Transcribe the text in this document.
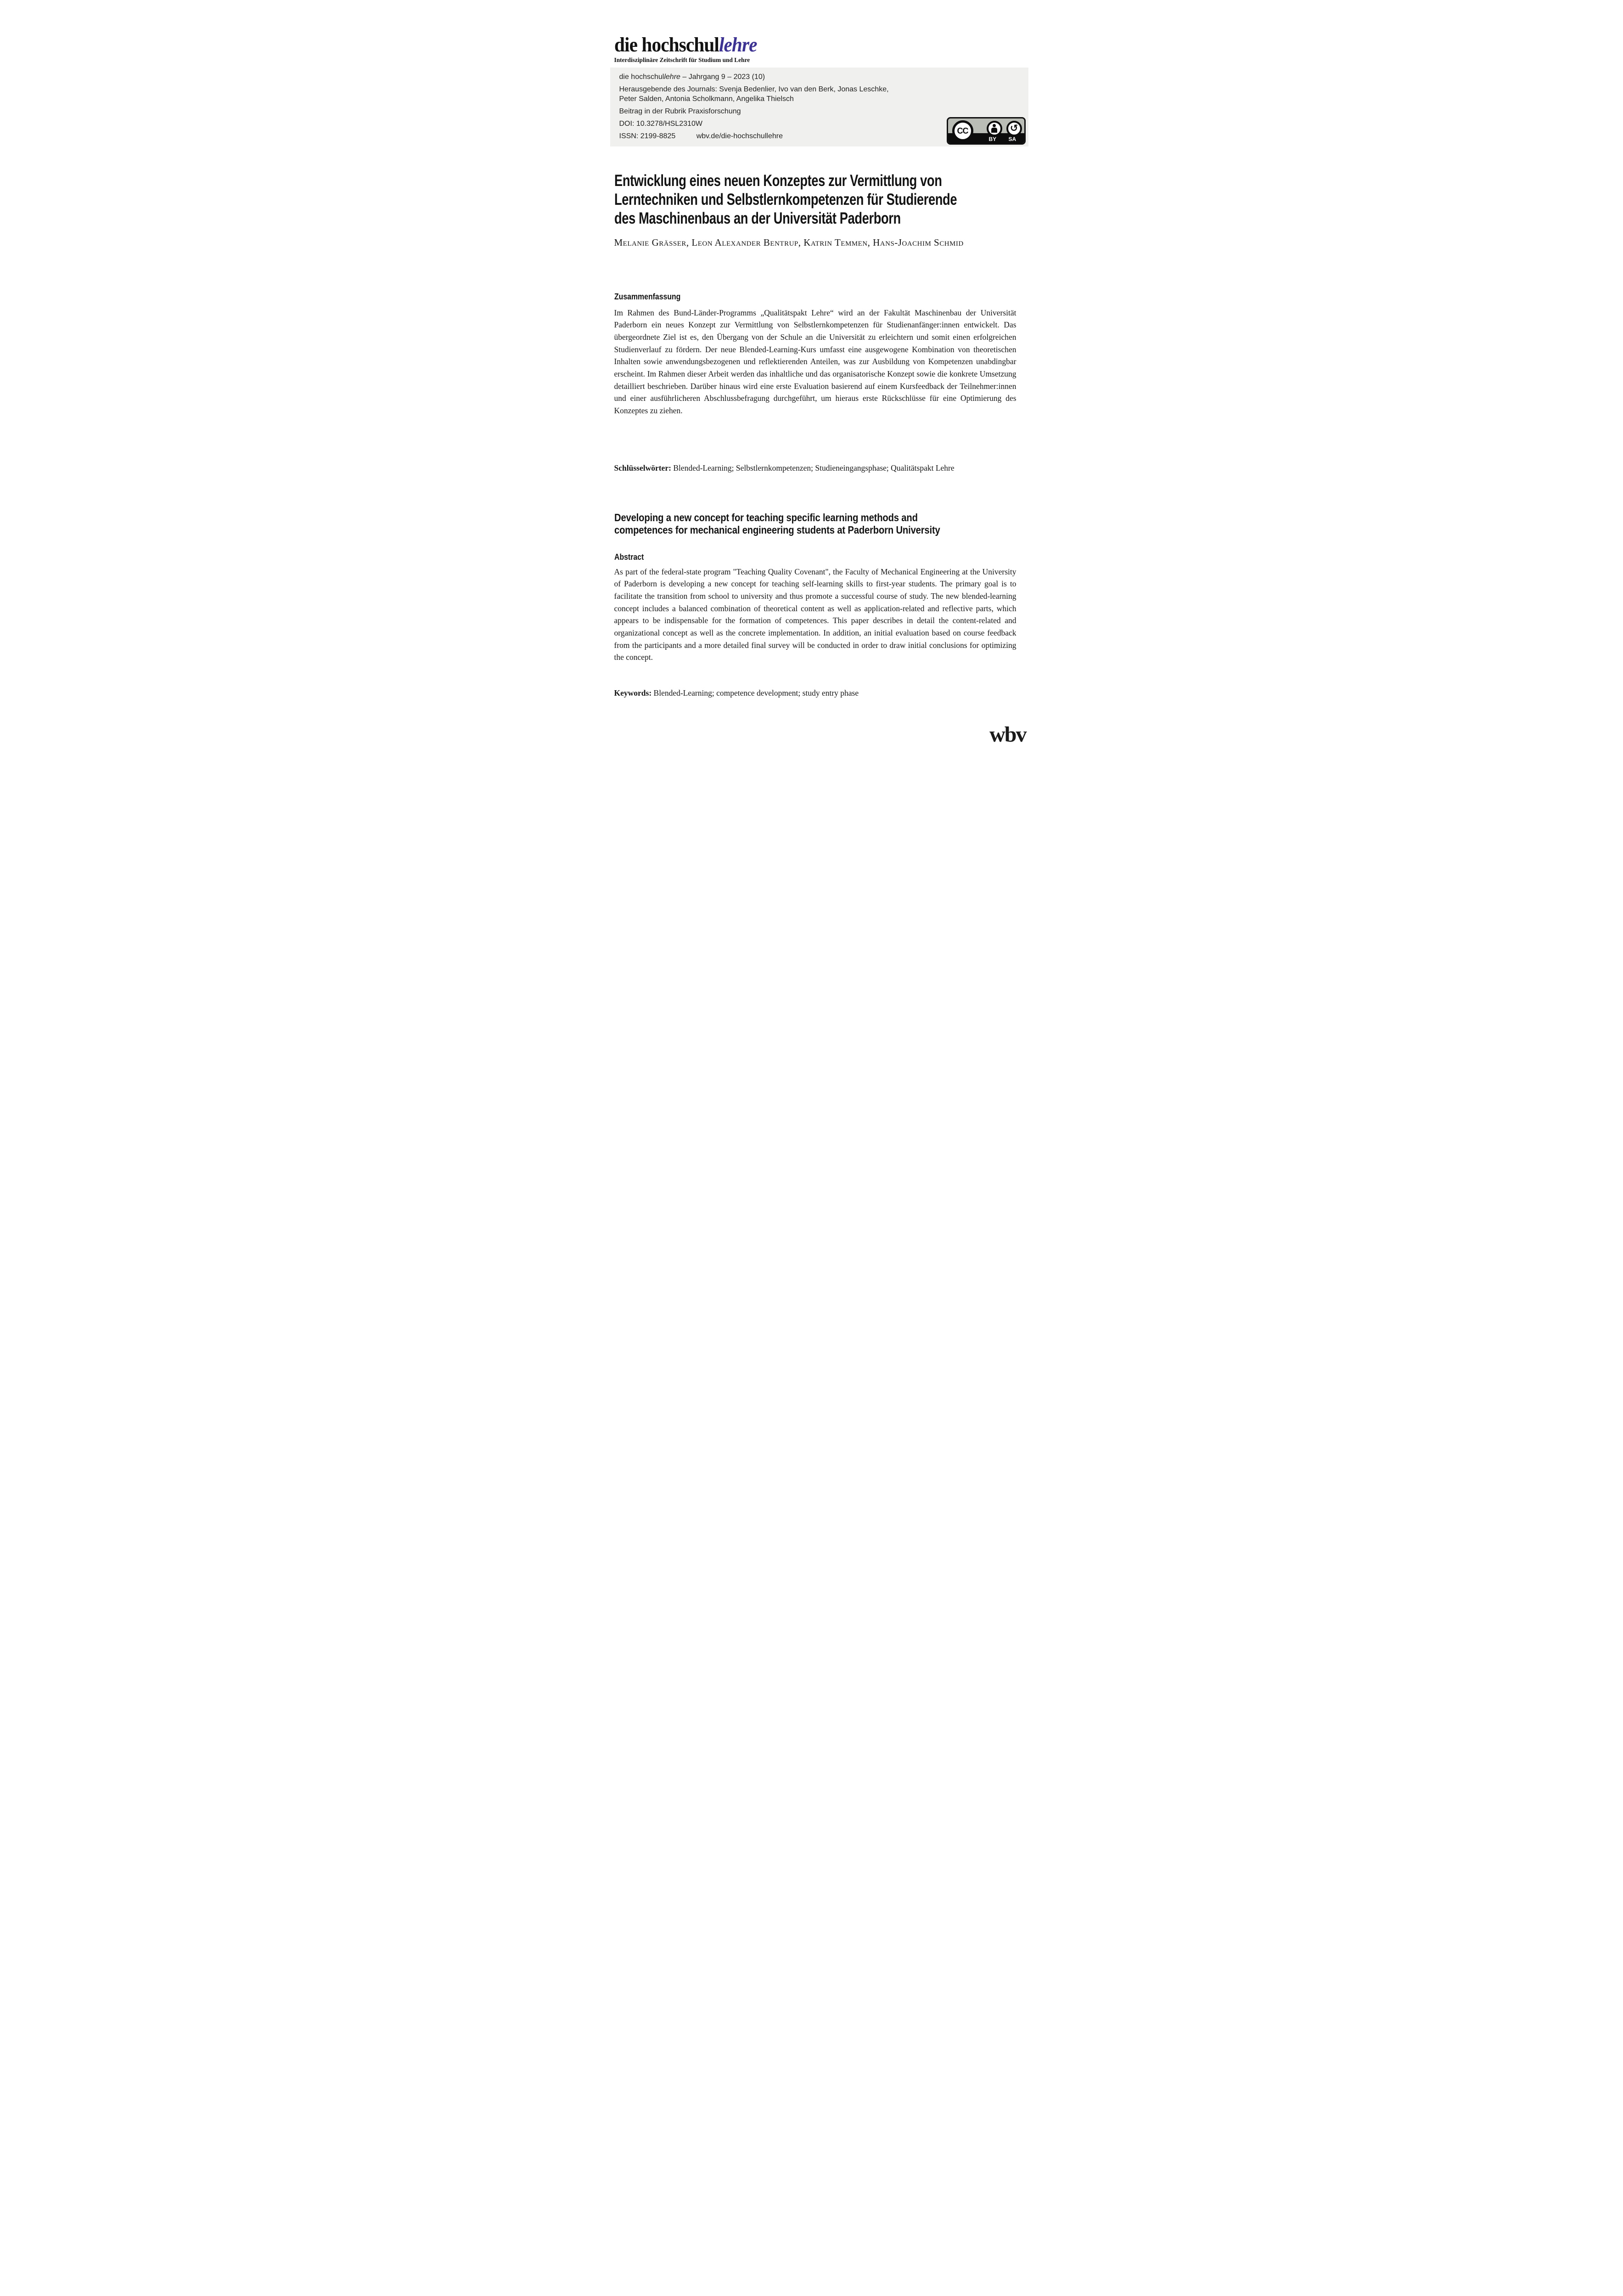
die hochschullehre
Interdisziplinäre Zeitschrift für Studium und Lehre
die hochschullehre – Jahrgang 9 – 2023 (10)
Herausgebende des Journals: Svenja Bedenlier, Ivo van den Berk, Jonas Leschke,
Peter Salden, Antonia Scholkmann, Angelika Thielsch
Beitrag in der Rubrik Praxisforschung
DOI: 10.3278/HSL2310W
ISSN: 2199-8825	wbv.de/die-hochschullehre
CC	↺
BY SA
Entwicklung eines neuen Konzeptes zur Vermittlung von
Lerntechniken und Selbstlernkompetenzen für Studierende
des Maschinenbaus an der Universität Paderborn
Melanie Grässer, Leon Alexander Bentrup, Katrin Temmen, Hans-Joachim Schmid
Zusammenfassung

Im Rahmen des Bund-Länder-Programms „Qualitätspakt Lehre“ wird an der Fakultät Maschinenbau der Universität Paderborn ein neues Konzept zur Vermittlung von Selbstlernkompetenzen für Studienanfänger:innen entwickelt. Das übergeordnete Ziel ist es, den Übergang von der Schule an die Universität zu erleichtern und somit einen erfolgreichen Studienverlauf zu fördern. Der neue Blended-Learning-Kurs umfasst eine ausgewogene Kombination von theoretischen Inhalten sowie anwendungsbezogenen und reflektierenden Anteilen, was zur Ausbildung von Kompetenzen unabdingbar erscheint. Im Rahmen dieser Arbeit werden das inhaltliche und das organisatorische Konzept sowie die konkrete Umsetzung detailliert beschrieben. Darüber hinaus wird eine erste Evaluation basierend auf einem Kursfeedback der Teilnehmer:innen und einer ausführlicheren Abschlussbefragung durchgeführt, um hieraus erste Rückschlüsse für eine Optimierung des Konzeptes zu ziehen.

Schlüsselwörter: Blended-Learning; Selbstlernkompetenzen; Studieneingangsphase; Qualitätspakt Lehre

Developing a new concept for teaching specific learning methods and
competences for mechanical engineering students at Paderborn University
Abstract

As part of the federal-state program "Teaching Quality Covenant", the Faculty of Mechanical Engineering at the University of Paderborn is developing a new concept for teaching self-learning skills to first-year students. The primary goal is to facilitate the transition from school to university and thus promote a successful course of study. The new blended-learning concept includes a balanced combination of theoretical content as well as application-related and reflective parts, which appears to be indispensable for the formation of competences. This paper describes in detail the content-related and organizational concept as well as the concrete implementation. In addition, an initial evaluation based on course feedback from the participants and a more detailed final survey will be conducted in order to draw initial conclusions for optimizing the concept.

Keywords: Blended-Learning; competence development; study entry phase

wbv
